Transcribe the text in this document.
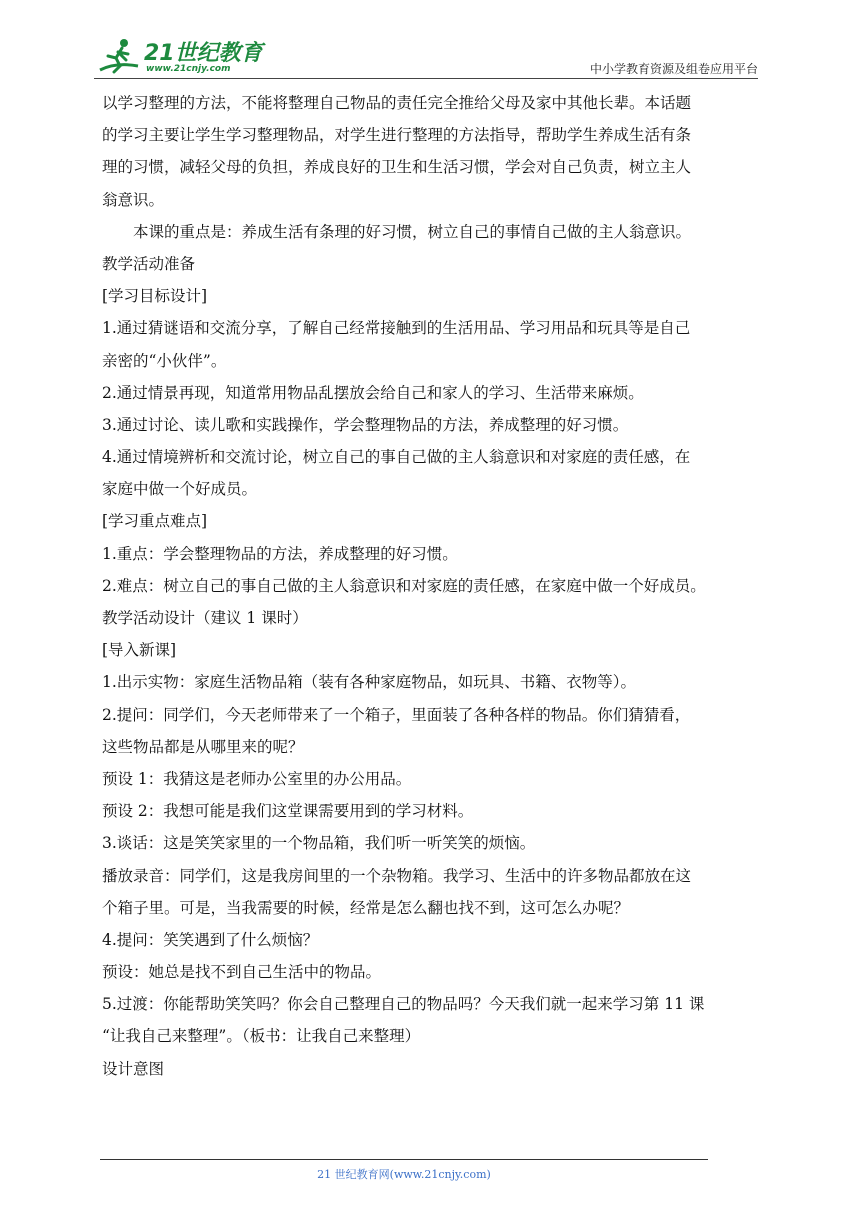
21世纪教育
www.21cnjy.com	中小学教育资源及组卷应用平台
以学习整理的方法，不能将整理自己物品的责任完全推给父母及家中其他长辈。本话题
的学习主要让学生学习整理物品，对学生进行整理的方法指导，帮助学生养成生活有条
理的习惯，减轻父母的负担，养成良好的卫生和生活习惯，学会对自己负责，树立主人
翁意识。
本课的重点是：养成生活有条理的好习惯，树立自己的事情自己做的主人翁意识。
教学活动准备
[学习目标设计]
1.通过猜谜语和交流分享，了解自己经常接触到的生活用品、学习用品和玩具等是自己
亲密的“小伙伴”。
2.通过情景再现，知道常用物品乱摆放会给自己和家人的学习、生活带来麻烦。
3.通过讨论、读儿歌和实践操作，学会整理物品的方法，养成整理的好习惯。
4.通过情境辨析和交流讨论，树立自己的事自己做的主人翁意识和对家庭的责任感，在
家庭中做一个好成员。
[学习重点难点]
1.重点：学会整理物品的方法，养成整理的好习惯。
2.难点：树立自己的事自己做的主人翁意识和对家庭的责任感，在家庭中做一个好成员。
教学活动设计（建议 1 课时）
[导入新课]
1.出示实物：家庭生活物品箱（装有各种家庭物品，如玩具、书籍、衣物等）。
2.提问：同学们，今天老师带来了一个箱子，里面装了各种各样的物品。你们猜猜看，
这些物品都是从哪里来的呢？
预设 1：我猜这是老师办公室里的办公用品。
预设 2：我想可能是我们这堂课需要用到的学习材料。
3.谈话：这是笑笑家里的一个物品箱，我们听一听笑笑的烦恼。
播放录音：同学们，这是我房间里的一个杂物箱。我学习、生活中的许多物品都放在这
个箱子里。可是，当我需要的时候，经常是怎么翻也找不到，这可怎么办呢？
4.提问：笑笑遇到了什么烦恼？
预设：她总是找不到自己生活中的物品。
5.过渡：你能帮助笑笑吗？你会自己整理自己的物品吗？今天我们就一起来学习第 11 课
“让我自己来整理”。（板书：让我自己来整理）
设计意图
21 世纪教育网(www.21cnjy.com)
